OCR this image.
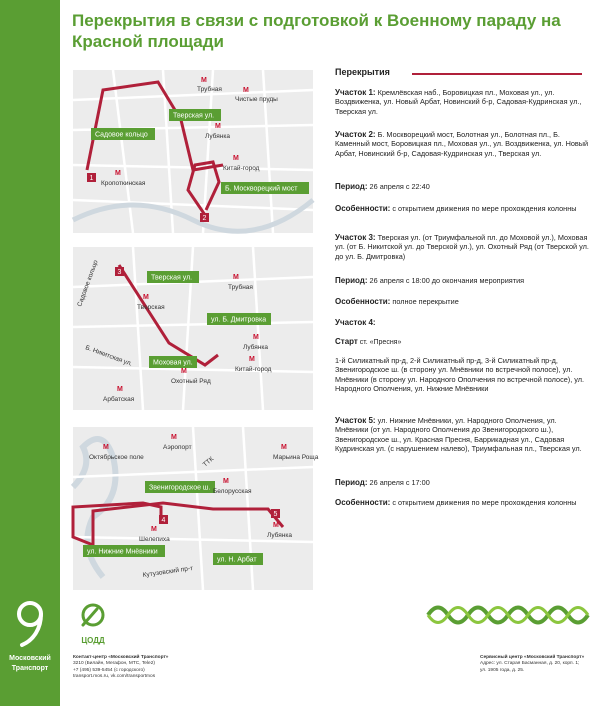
Московский
Транспорт
Перекрытия в связи с подготовкой к Военному параду на Красной площади
Садовое кольцо
Тверская ул.
Б. Москворецкий мост
M
Трубная	M
Чистые пруды
M
Лубянка
M
Китай-город
M
Кропоткинская
1
2
3
Тверская ул.
ул. Б. Дмитровка
Моховая ул.
M
Трубная
M
Тверская
M
Лубянка
M
Охотный Ряд
M
Китай-город
M
Арбатская
Садовое кольцо
Б. Никитская ул.
4
5
Звенигородское ш.
ул. Нижние Мнёвники
ул. Н. Арбат
M
Аэропорт
M
Октябрьское поле
M
Марьина Роща
M
Белорусская
M
Шелепиха
M
Лубянка
ТТК
Кутузовский пр-т
Перекрытия
Участок 1: Кремлёвская наб., Боровицкая пл., Моховая ул., ул. Воздвиженка, ул. Новый Арбат, Новинский б-р, Садовая-Кудринская ул., Тверская ул.
Участок 2: Б. Москворецкий мост, Болотная ул., Болотная пл., Б. Каменный мост, Боровицкая пл., Моховая ул., ул. Воздвиженка, ул. Новый Арбат, Новинский б-р, Садовая-Кудринская ул., Тверская ул.
Период: 26 апреля с 22:40
Особенности: с открытием движения по мере прохождения колонны
Участок 3: Тверская ул. (от Триумфальной пл. до Моховой ул.), Моховая ул. (от Б. Никитской ул. до Тверской ул.), ул. Охотный Ряд (от Тверской ул. до ул. Б. Дмитровка)
Период: 26 апреля с 18:00 до окончания мероприятия
Особенности: полное перекрытие
Участок 4:
Старт ст. «Пресня»
1-й Силикатный пр-д, 2-й Силикатный пр-д, 3-й Силикатный пр-д, Звенигородское ш. (в сторону ул. Мнёвники по встречной полосе), ул. Мнёвники (в сторону ул. Народного Ополчения по встречной полосе), ул. Народного Ополчения, ул. Нижние Мнёвники
Участок 5: ул. Нижние Мнёвники, ул. Народного Ополчения, ул. Мнёвники (от ул. Народного Ополчения до Звенигородского ш.), Звенигородское ш., ул. Красная Пресня, Баррикадная ул., Садовая Кудринская ул. (с нарушением налево), Триумфальная пл., Тверская ул.
Период: 26 апреля с 17:00
Особенности: с открытием движения по мере прохождения колонны
ЦОДД
Контакт-центр «Московский Транспорт»
3210 (Билайн, Мегафон, МТС, Tele2)
+7 (495) 539-5454 (с городского)
transport.mos.ru, vk.com/transportmos
Сервисный центр «Московский Транспорт»
Адрес: ул. Старая Басманная, д. 20, корп. 1;
ул. 1905 года, д. 25.
